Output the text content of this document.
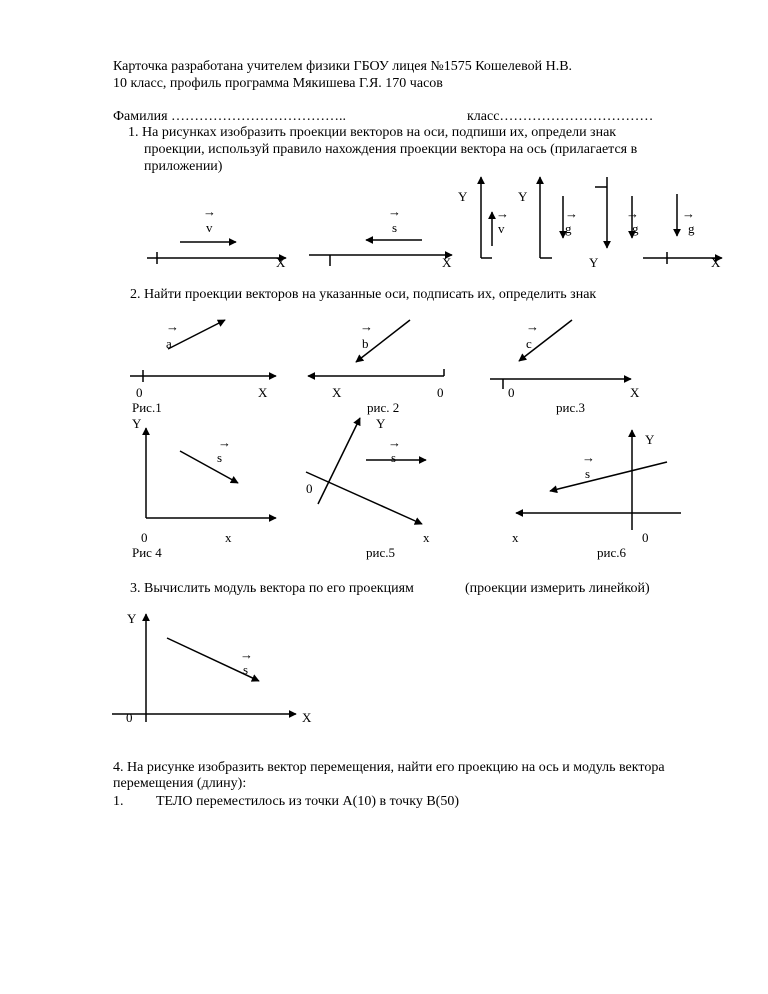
Карточка разработана учителем физики ГБОУ лицея №1575 Кошелевой Н.В.
10 класс, профиль программа Мякишева Г.Я. 170 часов
Фамилия ………………………………..	класс……………………………
1. На рисунках изобразить проекции векторов на оси, подпиши их, определи знак
проекции, используй правило нахождения проекции вектора на ось (прилагается в
приложении)
2. Найти проекции векторов на указанные оси, подписать их, определить знак
3. Вычислить модуль вектора по его проекциям	(проекции измерить линейкой)
4. На рисунке изобразить вектор перемещения, найти его проекцию на ось и модуль вектора
перемещения (длину):
1. ТЕЛО переместилось из точки А(10) в точку В(50)
→
v
X
→
s
X
→
v
Y
→
g
Y
→
g
Y
→
g
X
→
a
0	X
Рис.1
→
b
X	0
рис. 2
→
c
0	X
рис.3
Y
→
s
0	x
Рис 4
Y
→
s
0
x
рис.5
Y
→
s
x	0
рис.6
Y
→
s
0	X
